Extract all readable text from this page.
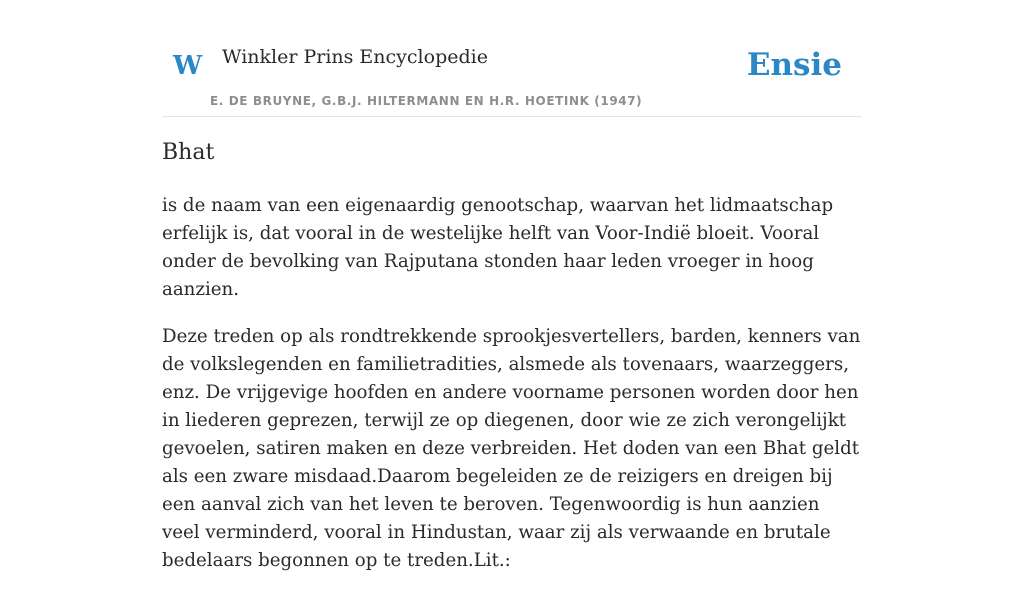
W Winkler Prins Encyclopedie
E. DE BRUYNE, G.B.J. HILTERMANN EN H.R. HOETINK (1947)
Ensie
Bhat

is de naam van een eigenaardig genootschap, waarvan het lidmaatschap erfelijk is, dat vooral in de westelijke helft van Voor-Indië bloeit. Vooral onder de bevolking van Rajputana stonden haar leden vroeger in hoog aanzien.

Deze treden op als rondtrekkende sprookjesvertellers, barden, kenners van de volkslegenden en familietradities, alsmede als tovenaars, waarzeggers, enz. De vrijgevige hoofden en andere voorname personen worden door hen in liederen geprezen, terwijl ze op diegenen, door wie ze zich verongelijkt gevoelen, satiren maken en deze verbreiden. Het doden van een Bhat geldt als een zware misdaad.Daarom begeleiden ze de reizigers en dreigen bij een aanval zich van het leven te beroven. Tegenwoordig is hun aanzien veel verminderd, vooral in Hindustan, waar zij als verwaande en brutale bedelaars begonnen op te treden.Lit.:
